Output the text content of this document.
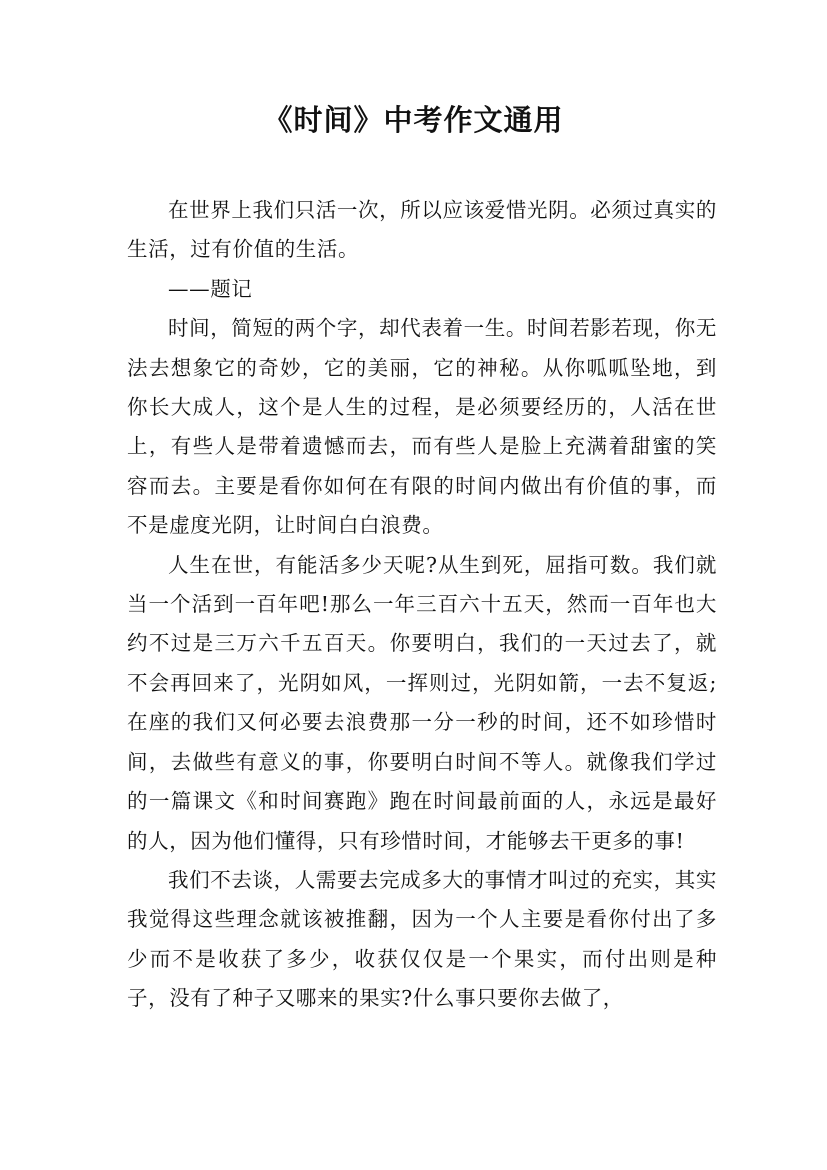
《时间》中考作文通用

在世界上我们只活一次，所以应该爱惜光阴。必须过真实的生活，过有价值的生活。

——题记

时间，简短的两个字，却代表着一生。时间若影若现，你无法去想象它的奇妙，它的美丽，它的神秘。从你呱呱坠地，到你长大成人，这个是人生的过程，是必须要经历的，人活在世上，有些人是带着遗憾而去，而有些人是脸上充满着甜蜜的笑容而去。主要是看你如何在有限的时间内做出有价值的事，而不是虚度光阴，让时间白白浪费。

人生在世，有能活多少天呢?从生到死，屈指可数。我们就当一个活到一百年吧!那么一年三百六十五天，然而一百年也大约不过是三万六千五百天。你要明白，我们的一天过去了，就不会再回来了，光阴如风，一挥则过，光阴如箭，一去不复返;在座的我们又何必要去浪费那一分一秒的时间，还不如珍惜时间，去做些有意义的事，你要明白时间不等人。就像我们学过的一篇课文《和时间赛跑》跑在时间最前面的人，永远是最好的人，因为他们懂得，只有珍惜时间，才能够去干更多的事!

我们不去谈，人需要去完成多大的事情才叫过的充实，其实我觉得这些理念就该被推翻，因为一个人主要是看你付出了多少而不是收获了多少，收获仅仅是一个果实，而付出则是种子，没有了种子又哪来的果实?什么事只要你去做了，
